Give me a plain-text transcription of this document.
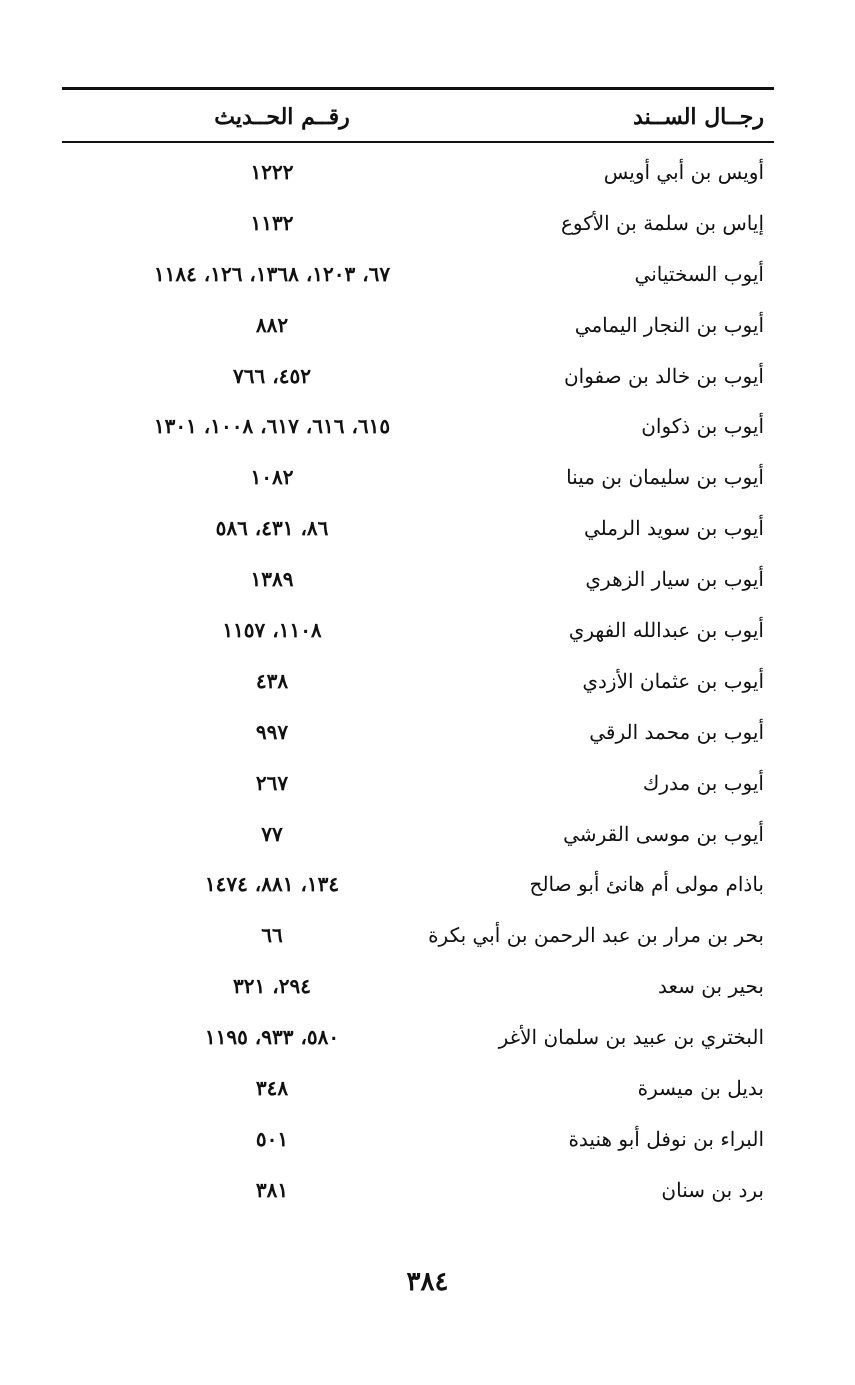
رجــال الســند
رقــم الحــديث
أويس بن أبي أويس
١٢٢٢
إياس بن سلمة بن الأكوع
١١٣٢
أيوب السختياني
٦٧، ١٢٠٣، ١٣٦٨، ١٢٦، ١١٨٤
أيوب بن النجار اليمامي
٨٨٢
أيوب بن خالد بن صفوان
٤٥٢، ٧٦٦
أيوب بن ذكوان
٦١٥، ٦١٦، ٦١٧، ١٠٠٨، ١٣٠١
أيوب بن سليمان بن مينا
١٠٨٢
أيوب بن سويد الرملي
٨٦، ٤٣١، ٥٨٦
أيوب بن سيار الزهري
١٣٨٩
أيوب بن عبدالله الفهري
١١٠٨، ١١٥٧
أيوب بن عثمان الأزدي
٤٣٨
أيوب بن محمد الرقي
٩٩٧
أيوب بن مدرك
٢٦٧
أيوب بن موسى القرشي
٧٧
باذام مولى أم هانئ أبو صالح
١٣٤، ٨٨١، ١٤٧٤
بحر بن مرار بن عبد الرحمن بن أبي بكرة
٦٦
بحير بن سعد
٢٩٤، ٣٢١
البختري بن عبيد بن سلمان الأغر
٥٨٠، ٩٣٣، ١١٩٥
بديل بن ميسرة
٣٤٨
البراء بن نوفل أبو هنيدة
٥٠١
برد بن سنان
٣٨١
٣٨٤
